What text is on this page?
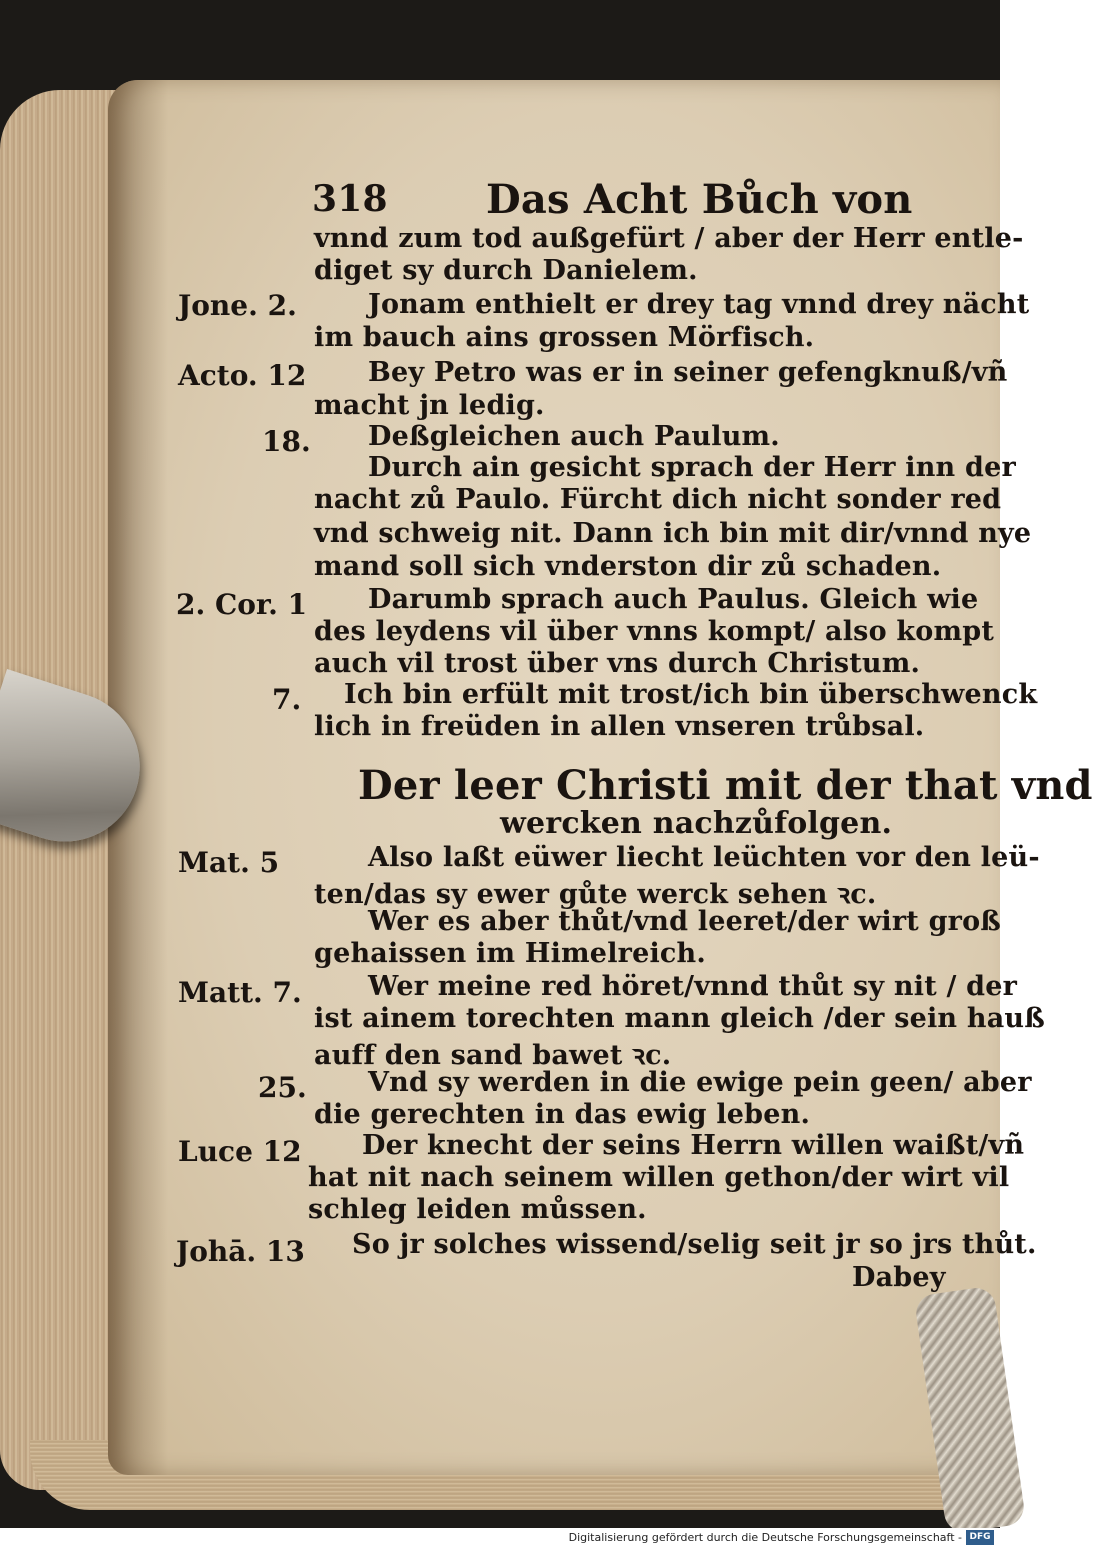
318 Das Acht Bůch von
vnnd zum tod außgefürt / aber der Herr entle-
diget sy durch Danielem.
Jone. 2.	Jonam enthielt er drey tag vnnd drey nächt
im bauch ains grossen Mörfisch.
Acto. 12 Bey Petro was er in seiner gefengknuß/vñ
macht jn ledig.
18. Deßgleichen auch Paulum.
Durch ain gesicht sprach der Herr inn der
nacht zů Paulo. Fürcht dich nicht sonder red
vnd schweig nit. Dann ich bin mit dir/vnnd nye
mand soll sich vnderston dir zů schaden.
2. Cor. 1 Darumb sprach auch Paulus. Gleich wie
des leydens vil über vnns kompt/ also kompt
auch vil trost über vns durch Christum.
7. Ich bin erfült mit trost/ich bin überschwenck
lich in freüden in allen vnseren trůbsal.
Der leer Christi mit der that vnd
wercken nachzůfolgen.
Mat. 5	Also laßt eüwer liecht leüchten vor den leü-
ten/das sy ewer gůte werck sehen ꝛc.
Wer es aber thůt/vnd leeret/der wirt groß
gehaissen im Himelreich.
Matt. 7. Wer meine red höret/vnnd thůt sy nit / der
ist ainem torechten mann gleich /der sein hauß
auff den sand bawet ꝛc.
25. Vnd sy werden in die ewige pein geen/ aber
die gerechten in das ewig leben.
Luce 12 Der knecht der seins Herrn willen waißt/vñ
hat nit nach seinem willen gethon/der wirt vil
schleg leiden můssen.
Johā. 13 So jr solches wissend/selig seit jr so jrs thůt.
Dabey
Digitalisierung gefördert durch die Deutsche Forschungsgemeinschaft - DFG
